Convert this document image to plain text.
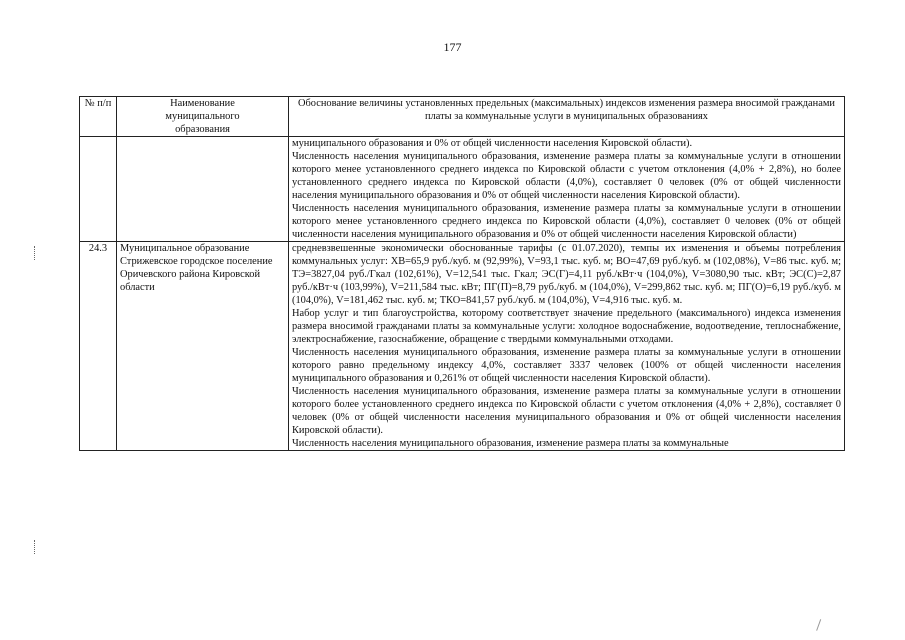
177
№ п/п	Наименование муниципального образования	Обоснование величины установленных предельных (максимальных) индексов изменения размера вносимой гражданами платы за коммунальные услуги в муниципальных образованиях

		муниципального образования и 0% от общей численности населения Кировской области).

Численность населения муниципального образования, изменение размера платы за коммунальные услуги в отношении которого менее установленного среднего индекса по Кировской области с учетом отклонения (4,0% + 2,8%), но более установленного среднего индекса по Кировской области (4,0%), составляет 0 человек (0% от общей численности населения муниципального образования и 0% от общей численности населения Кировской области).

Численность населения муниципального образования, изменение размера платы за коммунальные услуги в отношении которого менее установленного среднего индекса по Кировской области (4,0%), составляет 0 человек (0% от общей численности населения муниципального образования и 0% от общей численности населения Кировской области)

24.3	Муниципальное образование Стрижевское городское поселение Оричевского района Кировской области	средневзвешенные экономически обоснованные тарифы (с 01.07.2020), темпы их изменения и объемы потребления коммунальных услуг: ХВ=65,9 руб./куб. м (92,99%), V=93,1 тыс. куб. м; ВО=47,69 руб./куб. м (102,08%), V=86 тыс. куб. м; ТЭ=3827,04 руб./Гкал (102,61%), V=12,541 тыс. Гкал; ЭС(Г)=4,11 руб./кВт·ч (104,0%), V=3080,90 тыс. кВт; ЭС(С)=2,87 руб./кВт·ч (103,99%), V=211,584 тыс. кВт; ПГ(П)=8,79 руб./куб. м (104,0%), V=299,862 тыс. куб. м; ПГ(О)=6,19 руб./куб. м (104,0%), V=181,462 тыс. куб. м; ТКО=841,57 руб./куб. м (104,0%), V=4,916 тыс. куб. м.

Набор услуг и тип благоустройства, которому соответствует значение предельного (максимального) индекса изменения размера вносимой гражданами платы за коммунальные услуги: холодное водоснабжение, водоотведение, теплоснабжение, электроснабжение, газоснабжение, обращение с твердыми коммунальными отходами.

Численность населения муниципального образования, изменение размера платы за коммунальные услуги в отношении которого равно предельному индексу 4,0%, составляет 3337 человек (100% от общей численности населения муниципального образования и 0,261% от общей численности населения Кировской области).

Численность населения муниципального образования, изменение размера платы за коммунальные услуги в отношении которого более установленного среднего индекса по Кировской области с учетом отклонения (4,0% + 2,8%), составляет 0 человек (0% от общей численности населения муниципального образования и 0% от общей численности населения Кировской области).

Численность населения муниципального образования, изменение размера платы за коммунальные
